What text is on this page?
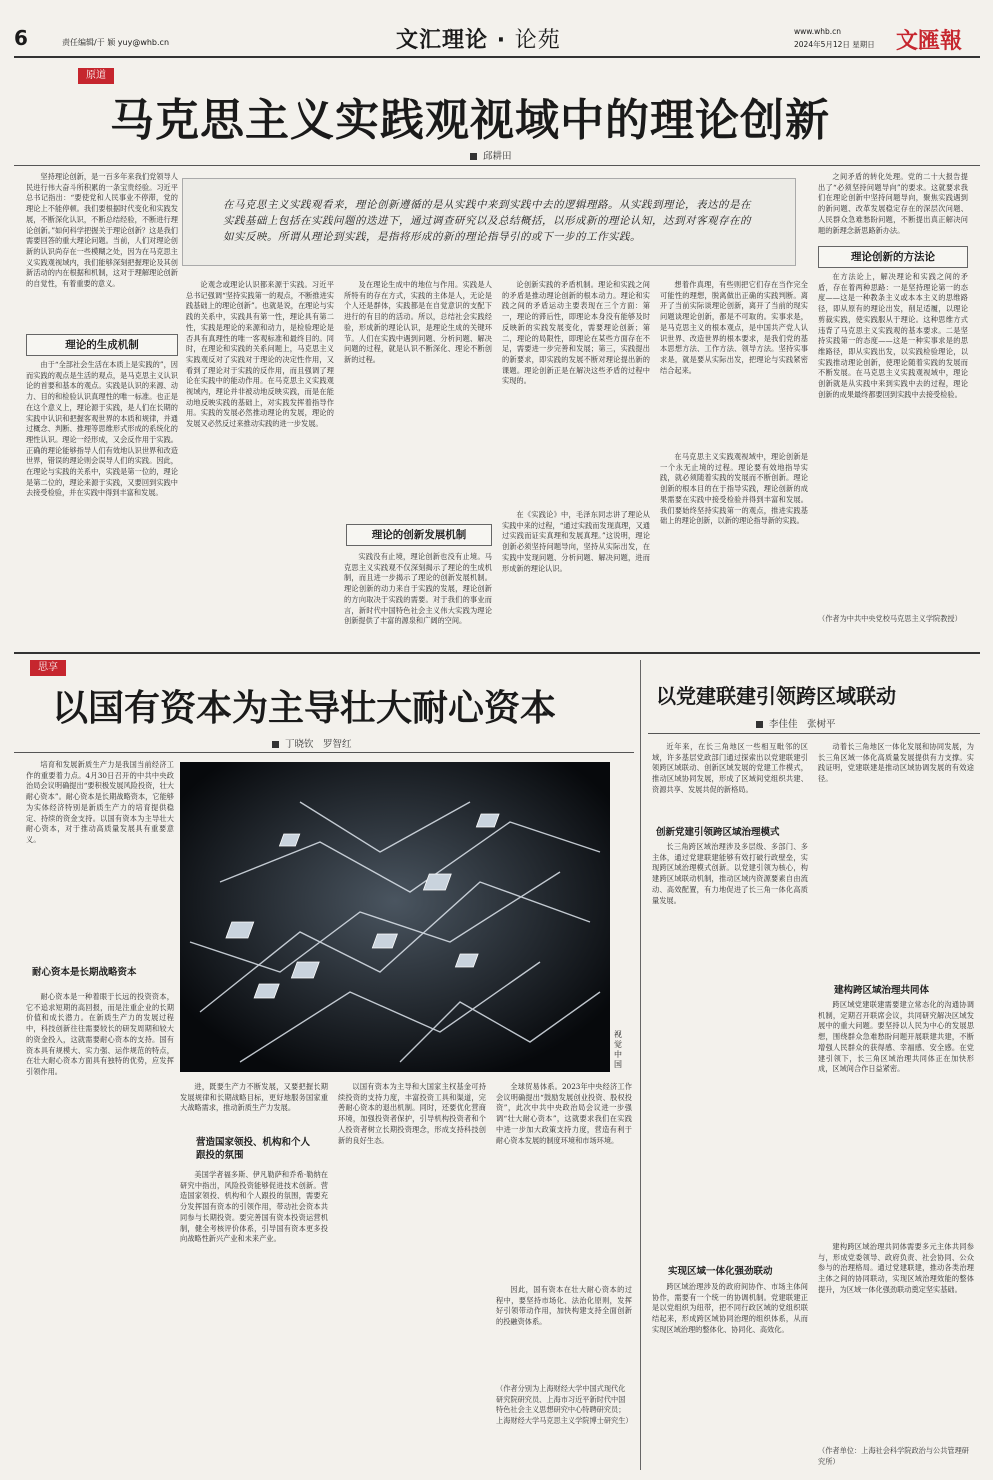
6	责任编辑/于 颖 yuy@whb.cn	文汇理论 · 论苑	www.whb.cn
2024年5月12日 星期日 文匯報
原道
马克思主义实践观视域中的理论创新
邱耕田

坚持理论创新，是一百多年来我们党领导人民进行伟大奋斗所积累的一条宝贵经验。习近平总书记指出：“要使党和人民事业不停滞，党的理论上不能停顿。我们要根据时代变化和实践发展，不断深化认识，不断总结经验，不断进行理论创新。”如何科学把握关于理论创新？这是我们需要回答的重大理论问题。当前，人们对理论创新的认识尚存在一些模糊之处，因为在马克思主义实践观视域内，我们能够深刻把握理论及其创新活动的内在根据和机制，这对于理解理论创新的自觉性，有着重要的意义。

理论的生成机制

由于“全部社会生活在本质上是实践的”，因而实践的观点是生活的观点，是马克思主义认识论的首要和基本的观点。实践是认识的来源、动力、目的和检验认识真理性的唯一标准。也正是在这个意义上，理论源于实践，是人们在长期的实践中认识和把握客观世界的本质和规律，并通过概念、判断、推理等思维形式形成的系统化的理性认识。理论一经形成，又会反作用于实践。正确的理论能够指导人们有效地认识世界和改造世界，错误的理论则会误导人们的实践。因此，在理论与实践的关系中，实践是第一位的，理论是第二位的，理论来源于实践，又要回到实践中去接受检验，并在实践中得到丰富和发展。

在马克思主义实践观看来，理论创新遵循的是从实践中来到实践中去的逻辑理路。从实践到理论，表达的是在实践基础上包括在实践问题的迭进下，通过调查研究以及总结概括，以形成新的理论认知，达到对客观存在的如实反映。所谓从理论到实践，是指将形成的新的理论指导引的或下一步的工作实践。

论观念或理论认识都来源于实践。习近平总书记强调“坚持实践第一的观点，不断推进实践基础上的理论创新”。也就是说，在理论与实践的关系中，实践具有第一性，理论具有第二性，实践是理论的来源和动力，是检验理论是否具有真理性的唯一客观标准和最终目的。同时，在理论和实践的关系问题上，马克思主义实践观反对了实践对于理论的决定性作用，又看到了理论对于实践的反作用，而且强调了理论在实践中的能动作用。在马克思主义实践观视域内，理论并非被动地反映实践，而是在能动地反映实践的基础上，对实践发挥着指导作用。实践的发展必然推动理论的发展，理论的发展又必然反过来推动实践的进一步发展。

及在理论生成中的地位与作用。实践是人所特有的存在方式，实践的主体是人，无论是个人还是群体，实践都是在自觉意识的支配下进行的有目的的活动。所以，总结社会实践经验，形成新的理论认识，是理论生成的关键环节。人们在实践中遇到问题、分析问题、解决问题的过程，就是认识不断深化、理论不断创新的过程。

理论的创新发展机制

实践没有止境，理论创新也没有止境。马克思主义实践观不仅深刻揭示了理论的生成机制，而且进一步揭示了理论的创新发展机制。理论创新的动力来自于实践的发展，理论创新的方向取决于实践的需要。对于我们的事业而言，新时代中国特色社会主义伟大实践为理论创新提供了丰富的源泉和广阔的空间。

论创新实践的矛盾机制。理论和实践之间的矛盾是推动理论创新的根本动力。理论和实践之间的矛盾运动主要表现在三个方面：第一，理论的滞后性，即理论本身没有能够及时反映新的实践发展变化，需要理论创新；第二，理论的局限性，即理论在某些方面存在不足，需要进一步完善和发展；第三，实践提出的新要求，即实践的发展不断对理论提出新的课题。理论创新正是在解决这些矛盾的过程中实现的。

在《实践论》中，毛泽东同志讲了理论从实践中来的过程，“通过实践而发现真理，又通过实践而证实真理和发展真理。”这说明，理论创新必须坚持问题导向，坚持从实际出发，在实践中发现问题、分析问题、解决问题，进而形成新的理论认识。

想着作真理，有些则把它们存在当作完全可能性的理想，脱离做出正确的实践判断。离开了当前实际谈理论创新，离开了当前的现实问题谈理论创新，都是不可取的。实事求是，是马克思主义的根本观点，是中国共产党人认识世界、改造世界的根本要求，是我们党的基本思想方法、工作方法、领导方法。坚持实事求是，就是要从实际出发，把理论与实践紧密结合起来。

在马克思主义实践观视域中，理论创新是一个永无止境的过程。理论要有效地指导实践，就必须随着实践的发展而不断创新。理论创新的根本目的在于指导实践，理论创新的成果需要在实践中接受检验并得到丰富和发展。我们要始终坚持实践第一的观点，推进实践基础上的理论创新，以新的理论指导新的实践。

之间矛盾的转化处理。党的二十大报告提出了“必须坚持问题导向”的要求。这就要求我们在理论创新中坚持问题导向，聚焦实践遇到的新问题、改革发展稳定存在的深层次问题、人民群众急难愁盼问题，不断提出真正解决问题的新理念新思路新办法。

理论创新的方法论

在方法论上，解决理论和实践之间的矛盾，存在着两种思路：一是坚持理论第一的态度——这是一种教条主义或本本主义的思维路径，即从原有的理论出发，削足适履，以理论剪裁实践，使实践服从于理论。这种思维方式违背了马克思主义实践观的基本要求。二是坚持实践第一的态度——这是一种实事求是的思维路径，即从实践出发，以实践检验理论，以实践推动理论创新，使理论随着实践的发展而不断发展。在马克思主义实践观视域中，理论创新就是从实践中来到实践中去的过程，理论创新的成果最终都要回到实践中去接受检验。

（作者为中共中央党校马克思主义学院教授）
思享
以国有资本为主导壮大耐心资本
丁晓钦　罗智红

培育和发展新质生产力是我国当前经济工作的重要着力点。4月30日召开的中共中央政治局会议明确提出“要积极发展风险投资，壮大耐心资本”。耐心资本是长期战略资本，它能够为实体经济特别是新质生产力的培育提供稳定、持续的资金支持。以国有资本为主导壮大耐心资本，对于推动高质量发展具有重要意义。

耐心资本是长期战略资本

耐心资本是一种着眼于长远的投资资本，它不追求短期的高回报，而是注重企业的长期价值和成长潜力。在新质生产力的发展过程中，科技创新往往需要较长的研发周期和较大的资金投入，这就需要耐心资本的支持。国有资本具有规模大、实力强、运作规范的特点，在壮大耐心资本方面具有独特的优势，应发挥引领作用。

视觉中国

进，既要生产力不断发展，又要把握长期发展规律和长期战略目标，更好地服务国家重大战略需求，推动新质生产力发展。

营造国家领投、机构和个人跟投的氛围

美国学者福多斯、伊凡勒萨和乔希·勒纳在研究中指出，风险投资能够促进技术创新。营造国家领投、机构和个人跟投的氛围，需要充分发挥国有资本的引领作用，带动社会资本共同参与长期投资。要完善国有资本投资运营机制，健全考核评价体系，引导国有资本更多投向战略性新兴产业和未来产业。

以国有资本为主导和大国家主权基金可持续投资的支持力度，丰富投资工具和渠道，完善耐心资本的退出机制。同时，还要优化营商环境，加强投资者保护，引导机构投资者和个人投资者树立长期投资理念，形成支持科技创新的良好生态。

全球贸易体系。2023年中央经济工作会议明确提出“鼓励发展创业投资、股权投资”，此次中共中央政治局会议进一步强调“壮大耐心资本”，这就要求我们在实践中进一步加大政策支持力度，营造有利于耐心资本发展的制度环境和市场环境。

因此，国有资本在壮大耐心资本的过程中，要坚持市场化、法治化原则，发挥好引领带动作用，加快构建支持全面创新的投融资体系。

（作者分别为上海财经大学中国式现代化研究院研究员、上海市习近平新时代中国特色社会主义思想研究中心特聘研究员；上海财经大学马克思主义学院博士研究生）
以党建联建引领跨区域联动
李佳佳　张树平

近年来，在长三角地区一些相互毗邻的区域，许多基层党政部门通过探索出以党建联建引领跨区域联动、创新区域发展的党建工作模式，推动区域协同发展，形成了区域间党组织共建、资源共享、发展共促的新格局。

创新党建引领跨区域治理模式

长三角跨区域治理涉及多层级、多部门、多主体，通过党建联建能够有效打破行政壁垒，实现跨区域治理模式创新。以党建引领为核心，构建跨区域联动机制，推动区域内资源要素自由流动、高效配置，有力地促进了长三角一体化高质量发展。

实现区域一体化强劲联动

跨区域治理涉及的政府间协作、市场主体间协作，需要有一个统一的协调机制。党建联建正是以党组织为纽带，把不同行政区域的党组织联结起来，形成跨区域协同治理的组织体系，从而实现区域治理的整体化、协同化、高效化。

动着长三角地区一体化发展和协同发展，为长三角区域一体化高质量发展提供有力支撑。实践证明，党建联建是推动区域协调发展的有效途径。

建构跨区域治理共同体

跨区域党建联建需要建立常态化的沟通协调机制，定期召开联席会议，共同研究解决区域发展中的重大问题。要坚持以人民为中心的发展思想，围绕群众急难愁盼问题开展联建共建，不断增强人民群众的获得感、幸福感、安全感。在党建引领下，长三角区域治理共同体正在加快形成，区域间合作日益紧密。

建构跨区域治理共同体需要多元主体共同参与，形成党委领导、政府负责、社会协同、公众参与的治理格局。通过党建联建，推动各类治理主体之间的协同联动，实现区域治理效能的整体提升，为区域一体化强劲联动奠定坚实基础。

（作者单位：上海社会科学院政治与公共管理研究所）
